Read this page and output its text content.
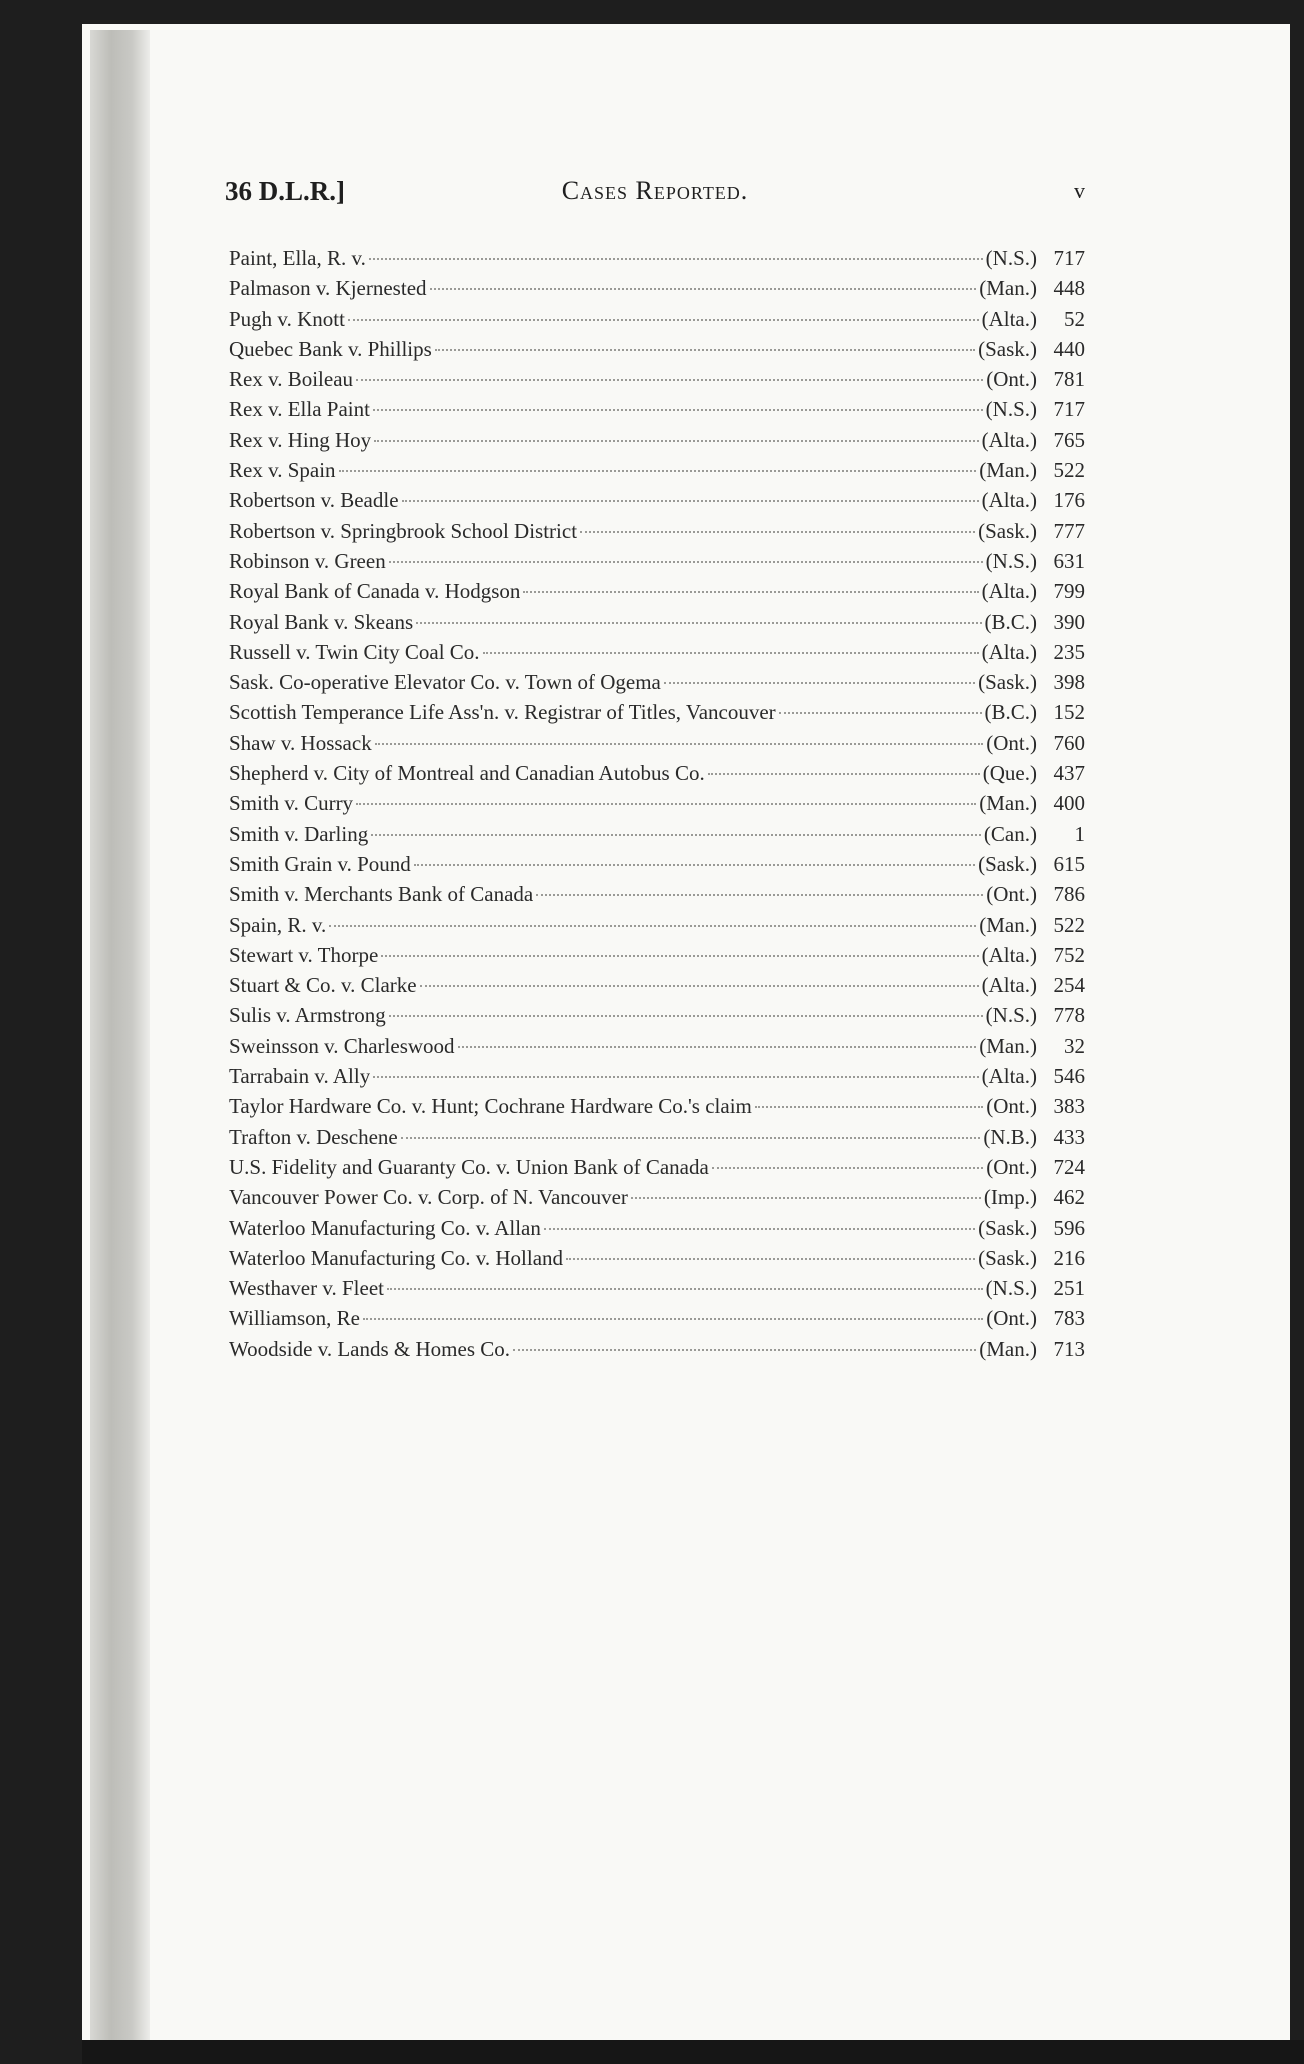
36 D.L.R.]	Cases Reported.	v
Paint, Ella, R. v.	(N.S.) 717
Palmason v. Kjernested	(Man.) 448
Pugh v. Knott	(Alta.)	52
Quebec Bank v. Phillips	(Sask.) 440
Rex v. Boileau	(Ont.) 781
Rex v. Ella Paint	(N.S.) 717
Rex v. Hing Hoy	(Alta.) 765
Rex v. Spain	(Man.) 522
Robertson v. Beadle	(Alta.) 176
Robertson v. Springbrook School District	(Sask.) 777
Robinson v. Green	(N.S.) 631
Royal Bank of Canada v. Hodgson	(Alta.) 799
Royal Bank v. Skeans	(B.C.) 390
Russell v. Twin City Coal Co.	(Alta.) 235
Sask. Co-operative Elevator Co. v. Town of Ogema	(Sask.) 398
Scottish Temperance Life Ass'n. v. Registrar of Titles, Vancouver	(B.C.) 152
Shaw v. Hossack	(Ont.) 760
Shepherd v. City of Montreal and Canadian Autobus Co.	(Que.) 437
Smith v. Curry	(Man.) 400
Smith v. Darling	(Can.)	1
Smith Grain v. Pound	(Sask.) 615
Smith v. Merchants Bank of Canada	(Ont.) 786
Spain, R. v.	(Man.) 522
Stewart v. Thorpe	(Alta.) 752
Stuart & Co. v. Clarke	(Alta.) 254
Sulis v. Armstrong	(N.S.) 778
Sweinsson v. Charleswood	(Man.)	32
Tarrabain v. Ally	(Alta.) 546
Taylor Hardware Co. v. Hunt; Cochrane Hardware Co.'s claim	(Ont.) 383
Trafton v. Deschene	(N.B.) 433
U.S. Fidelity and Guaranty Co. v. Union Bank of Canada	(Ont.) 724
Vancouver Power Co. v. Corp. of N. Vancouver	(Imp.) 462
Waterloo Manufacturing Co. v. Allan	(Sask.) 596
Waterloo Manufacturing Co. v. Holland	(Sask.) 216
Westhaver v. Fleet	(N.S.) 251
Williamson, Re	(Ont.) 783
Woodside v. Lands & Homes Co.	(Man.) 713
